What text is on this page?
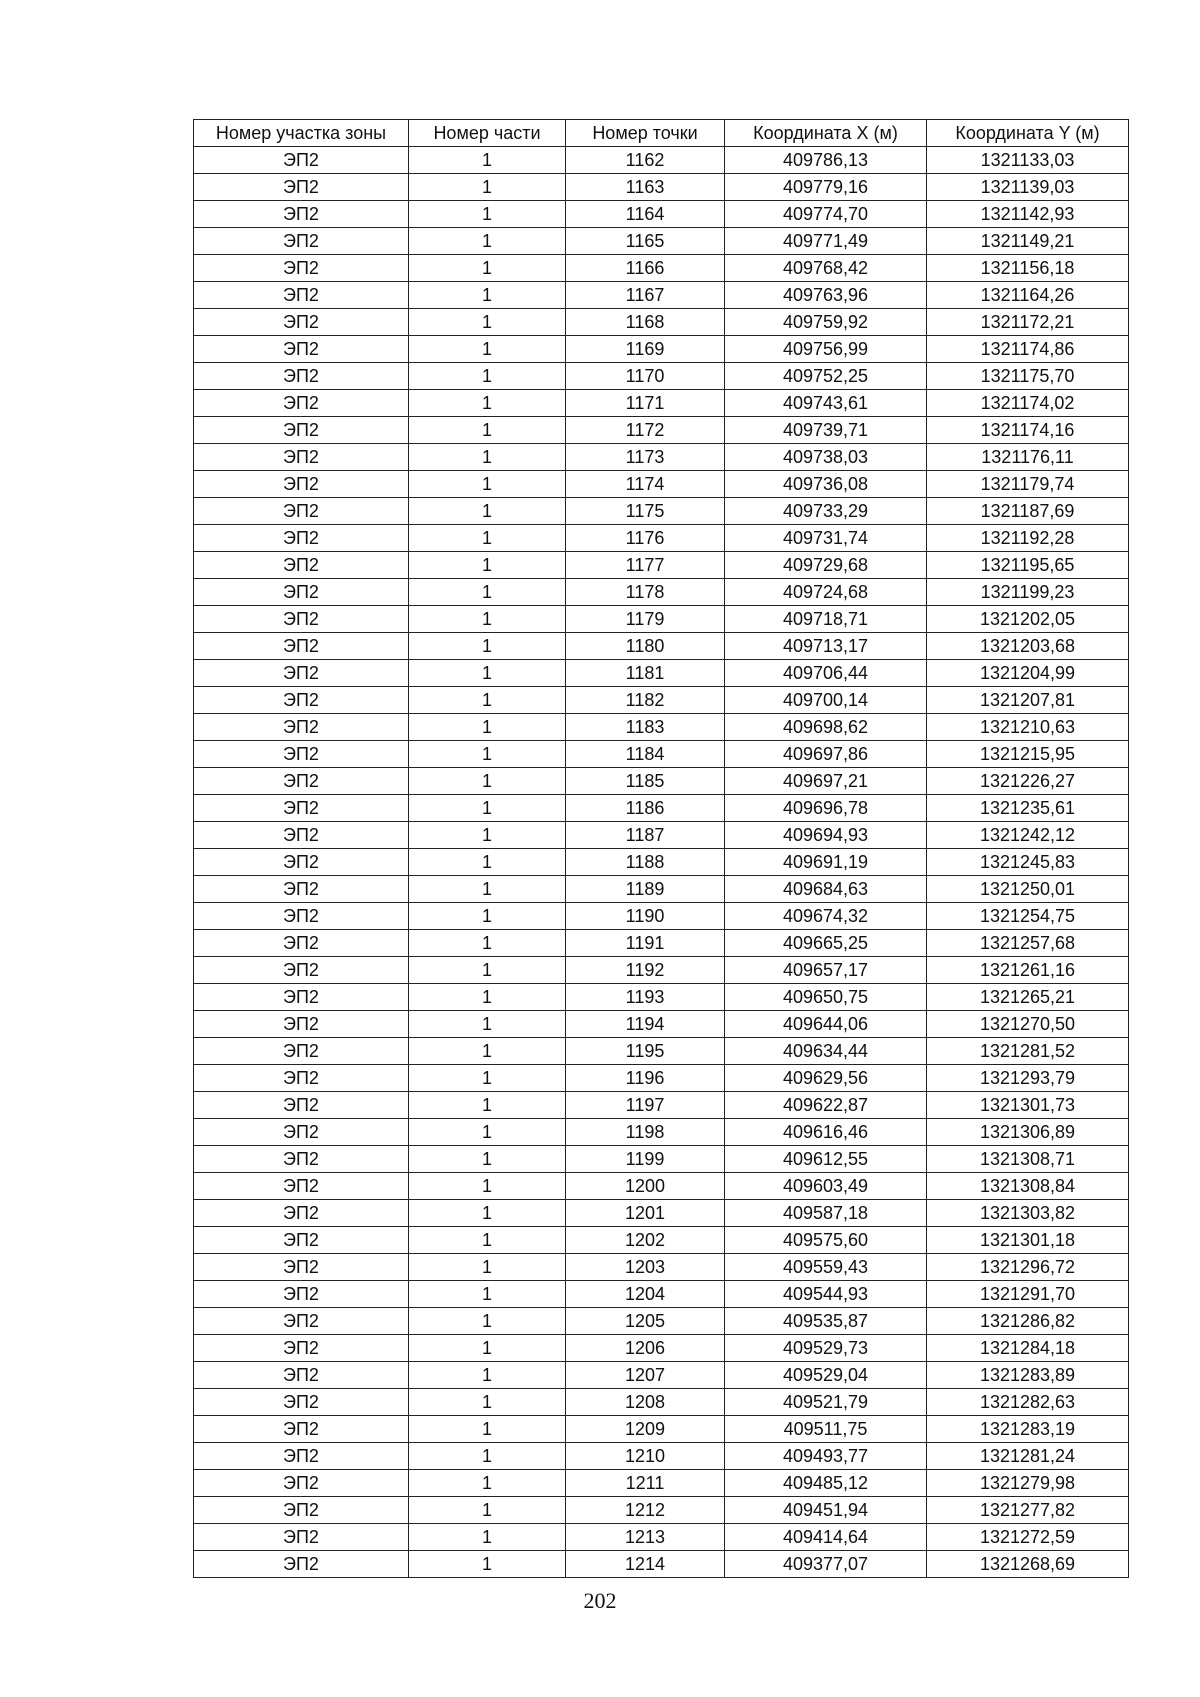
Номер участка зоны	Номер части	Номер точки	Координата X (м)	Координата Y (м)
ЭП2	1	1162	409786,13	1321133,03
ЭП2	1	1163	409779,16	1321139,03
ЭП2	1	1164	409774,70	1321142,93
ЭП2	1	1165	409771,49	1321149,21
ЭП2	1	1166	409768,42	1321156,18
ЭП2	1	1167	409763,96	1321164,26
ЭП2	1	1168	409759,92	1321172,21
ЭП2	1	1169	409756,99	1321174,86
ЭП2	1	1170	409752,25	1321175,70
ЭП2	1	1171	409743,61	1321174,02
ЭП2	1	1172	409739,71	1321174,16
ЭП2	1	1173	409738,03	1321176,11
ЭП2	1	1174	409736,08	1321179,74
ЭП2	1	1175	409733,29	1321187,69
ЭП2	1	1176	409731,74	1321192,28
ЭП2	1	1177	409729,68	1321195,65
ЭП2	1	1178	409724,68	1321199,23
ЭП2	1	1179	409718,71	1321202,05
ЭП2	1	1180	409713,17	1321203,68
ЭП2	1	1181	409706,44	1321204,99
ЭП2	1	1182	409700,14	1321207,81
ЭП2	1	1183	409698,62	1321210,63
ЭП2	1	1184	409697,86	1321215,95
ЭП2	1	1185	409697,21	1321226,27
ЭП2	1	1186	409696,78	1321235,61
ЭП2	1	1187	409694,93	1321242,12
ЭП2	1	1188	409691,19	1321245,83
ЭП2	1	1189	409684,63	1321250,01
ЭП2	1	1190	409674,32	1321254,75
ЭП2	1	1191	409665,25	1321257,68
ЭП2	1	1192	409657,17	1321261,16
ЭП2	1	1193	409650,75	1321265,21
ЭП2	1	1194	409644,06	1321270,50
ЭП2	1	1195	409634,44	1321281,52
ЭП2	1	1196	409629,56	1321293,79
ЭП2	1	1197	409622,87	1321301,73
ЭП2	1	1198	409616,46	1321306,89
ЭП2	1	1199	409612,55	1321308,71
ЭП2	1	1200	409603,49	1321308,84
ЭП2	1	1201	409587,18	1321303,82
ЭП2	1	1202	409575,60	1321301,18
ЭП2	1	1203	409559,43	1321296,72
ЭП2	1	1204	409544,93	1321291,70
ЭП2	1	1205	409535,87	1321286,82
ЭП2	1	1206	409529,73	1321284,18
ЭП2	1	1207	409529,04	1321283,89
ЭП2	1	1208	409521,79	1321282,63
ЭП2	1	1209	409511,75	1321283,19
ЭП2	1	1210	409493,77	1321281,24
ЭП2	1	1211	409485,12	1321279,98
ЭП2	1	1212	409451,94	1321277,82
ЭП2	1	1213	409414,64	1321272,59
ЭП2	1	1214	409377,07	1321268,69
202
